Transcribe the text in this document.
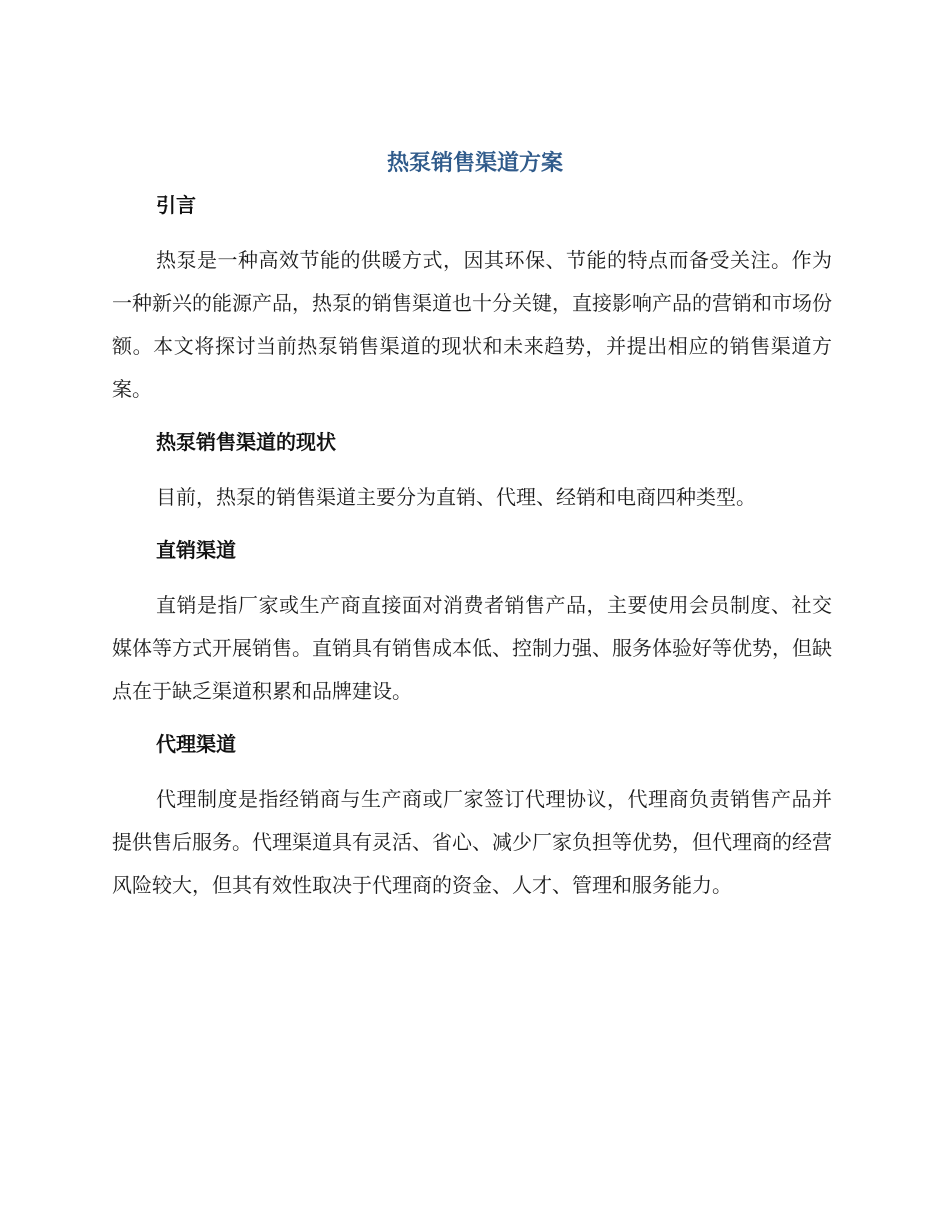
热泵销售渠道方案
引言

热泵是一种高效节能的供暖方式，因其环保、节能的特点而备受关注。作为一种新兴的能源产品，热泵的销售渠道也十分关键，直接影响产品的营销和市场份额。本文将探讨当前热泵销售渠道的现状和未来趋势，并提出相应的销售渠道方案。

热泵销售渠道的现状

目前，热泵的销售渠道主要分为直销、代理、经销和电商四种类型。

直销渠道

直销是指厂家或生产商直接面对消费者销售产品，主要使用会员制度、社交媒体等方式开展销售。直销具有销售成本低、控制力强、服务体验好等优势，但缺点在于缺乏渠道积累和品牌建设。

代理渠道

代理制度是指经销商与生产商或厂家签订代理协议，代理商负责销售产品并提供售后服务。代理渠道具有灵活、省心、减少厂家负担等优势，但代理商的经营风险较大，但其有效性取决于代理商的资金、人才、管理和服务能力。
